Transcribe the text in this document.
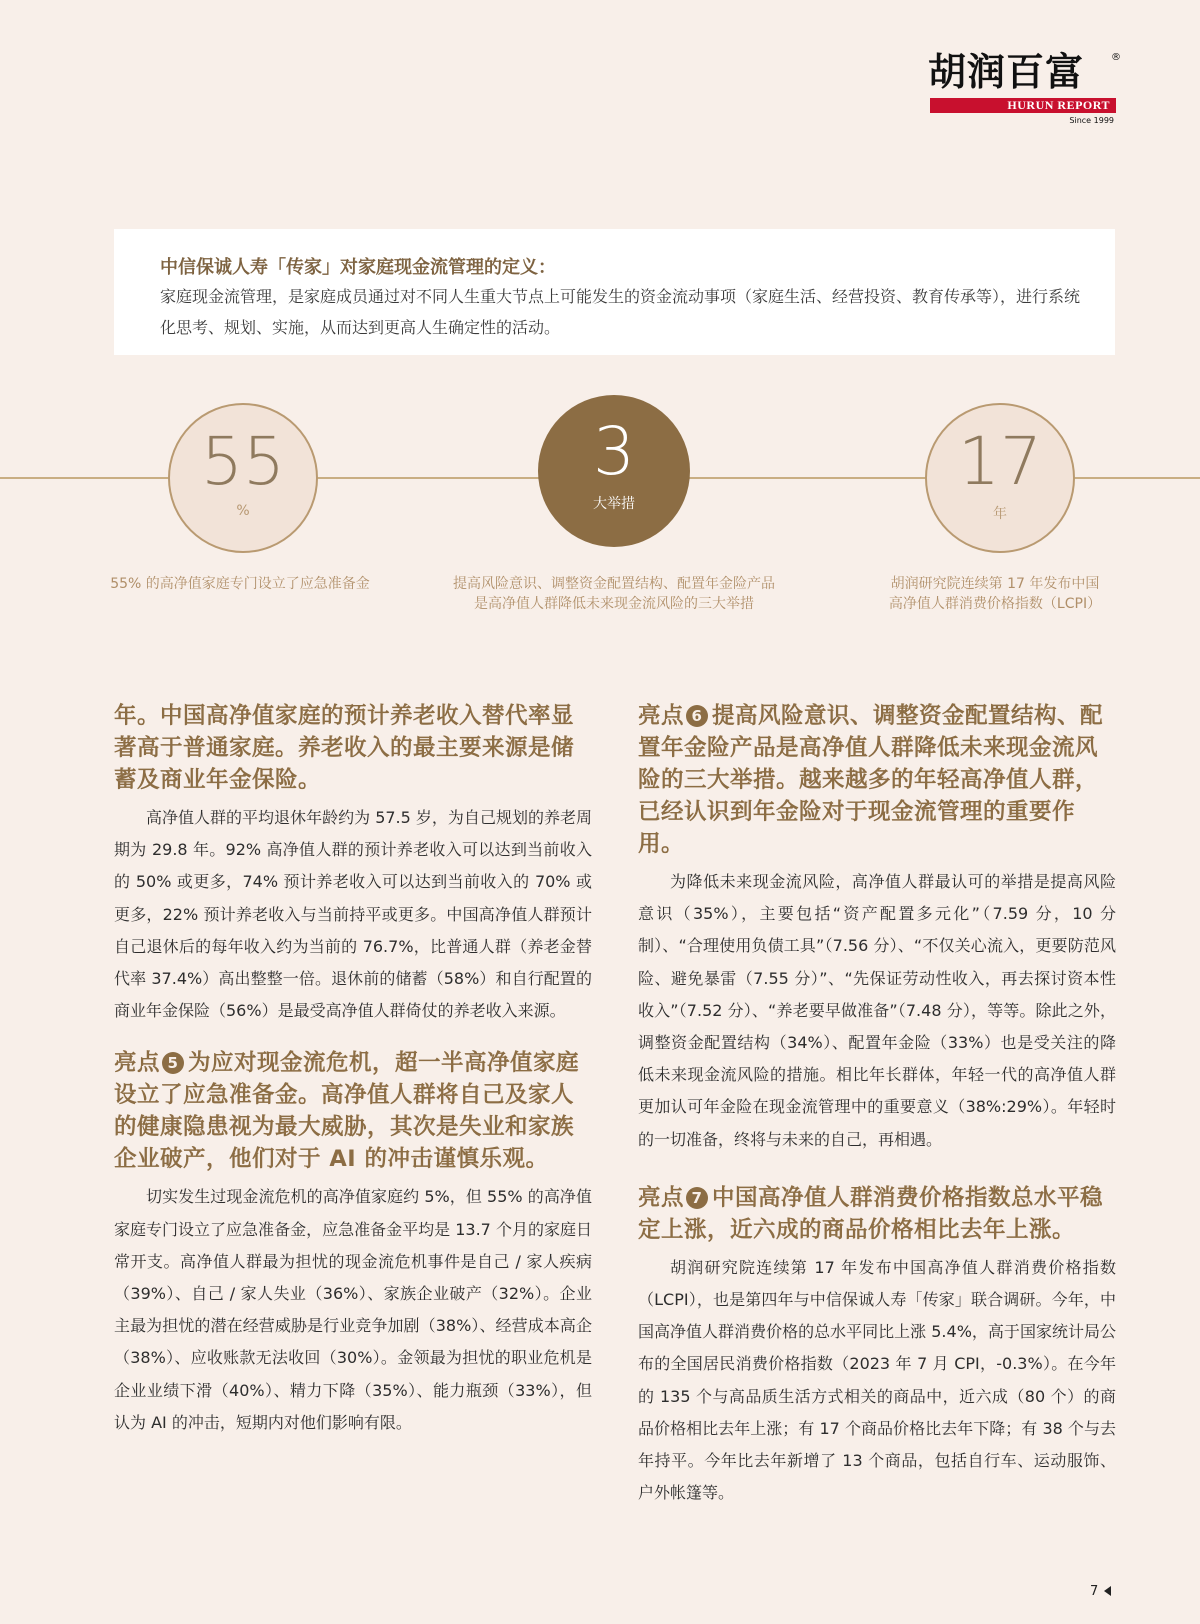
胡润百富	®
HURUN REPORT
Since 1999
中信保诚人寿「传家」对家庭现金流管理的定义：
家庭现金流管理，是家庭成员通过对不同人生重大节点上可能发生的资金流动事项（家庭生活、经营投资、教育传承等），进行系统化思考、规划、实施，从而达到更高人生确定性的活动。
55
%
3
大举措
17
年
55% 的高净值家庭专门设立了应急准备金	提高风险意识、调整资金配置结构、配置年金险产品
是高净值人群降低未来现金流风险的三大举措
胡润研究院连续第 17 年发布中国
高净值人群消费价格指数（LCPI）

年。中国高净值家庭的预计养老收入替代率显著高于普通家庭。养老收入的最主要来源是储蓄及商业年金保险。

高净值人群的平均退休年龄约为 57.5 岁，为自己规划的养老周期为 29.8 年。92% 高净值人群的预计养老收入可以达到当前收入的 50% 或更多，74% 预计养老收入可以达到当前收入的 70% 或更多，22% 预计养老收入与当前持平或更多。中国高净值人群预计自己退休后的每年收入约为当前的 76.7%，比普通人群（养老金替代率 37.4%）高出整整一倍。退休前的储蓄（58%）和自行配置的商业年金保险（56%）是最受高净值人群倚仗的养老收入来源。

亮点 5 为应对现金流危机，超一半高净值家庭设立了应急准备金。高净值人群将自己及家人的健康隐患视为最大威胁，其次是失业和家族企业破产，他们对于 AI 的冲击谨慎乐观。

切实发生过现金流危机的高净值家庭约 5%，但 55% 的高净值家庭专门设立了应急准备金，应急准备金平均是 13.7 个月的家庭日常开支。高净值人群最为担忧的现金流危机事件是自己 / 家人疾病（39%）、自己 / 家人失业（36%）、家族企业破产（32%）。企业主最为担忧的潜在经营威胁是行业竞争加剧（38%）、经营成本高企（38%）、应收账款无法收回（30%）。金领最为担忧的职业危机是企业业绩下滑（40%）、精力下降（35%）、能力瓶颈（33%），但认为 AI 的冲击，短期内对他们影响有限。

亮点 6 提高风险意识、调整资金配置结构、配置年金险产品是高净值人群降低未来现金流风险的三大举措。越来越多的年轻高净值人群，已经认识到年金险对于现金流管理的重要作用。

为降低未来现金流风险，高净值人群最认可的举措是提高风险意识（35%），主要包括“资产配置多元化”（7.59 分，10 分制）、“合理使用负债工具”（7.56 分）、“不仅关心流入，更要防范风险、避免暴雷（7.55 分）”、“先保证劳动性收入，再去探讨资本性收入”（7.52 分）、“养老要早做准备”（7.48 分），等等。除此之外，调整资金配置结构（34%）、配置年金险（33%）也是受关注的降低未来现金流风险的措施。相比年长群体，年轻一代的高净值人群更加认可年金险在现金流管理中的重要意义（38%:29%）。年轻时的一切准备，终将与未来的自己，再相遇。

亮点 7 中国高净值人群消费价格指数总水平稳定上涨，近六成的商品价格相比去年上涨。

胡润研究院连续第 17 年发布中国高净值人群消费价格指数（LCPI），也是第四年与中信保诚人寿「传家」联合调研。今年，中国高净值人群消费价格的总水平同比上涨 5.4%，高于国家统计局公布的全国居民消费价格指数（2023 年 7 月 CPI，-0.3%）。在今年的 135 个与高品质生活方式相关的商品中，近六成（80 个）的商品价格相比去年上涨；有 17 个商品价格比去年下降；有 38 个与去年持平。今年比去年新增了 13 个商品，包括自行车、运动服饰、户外帐篷等。

7
